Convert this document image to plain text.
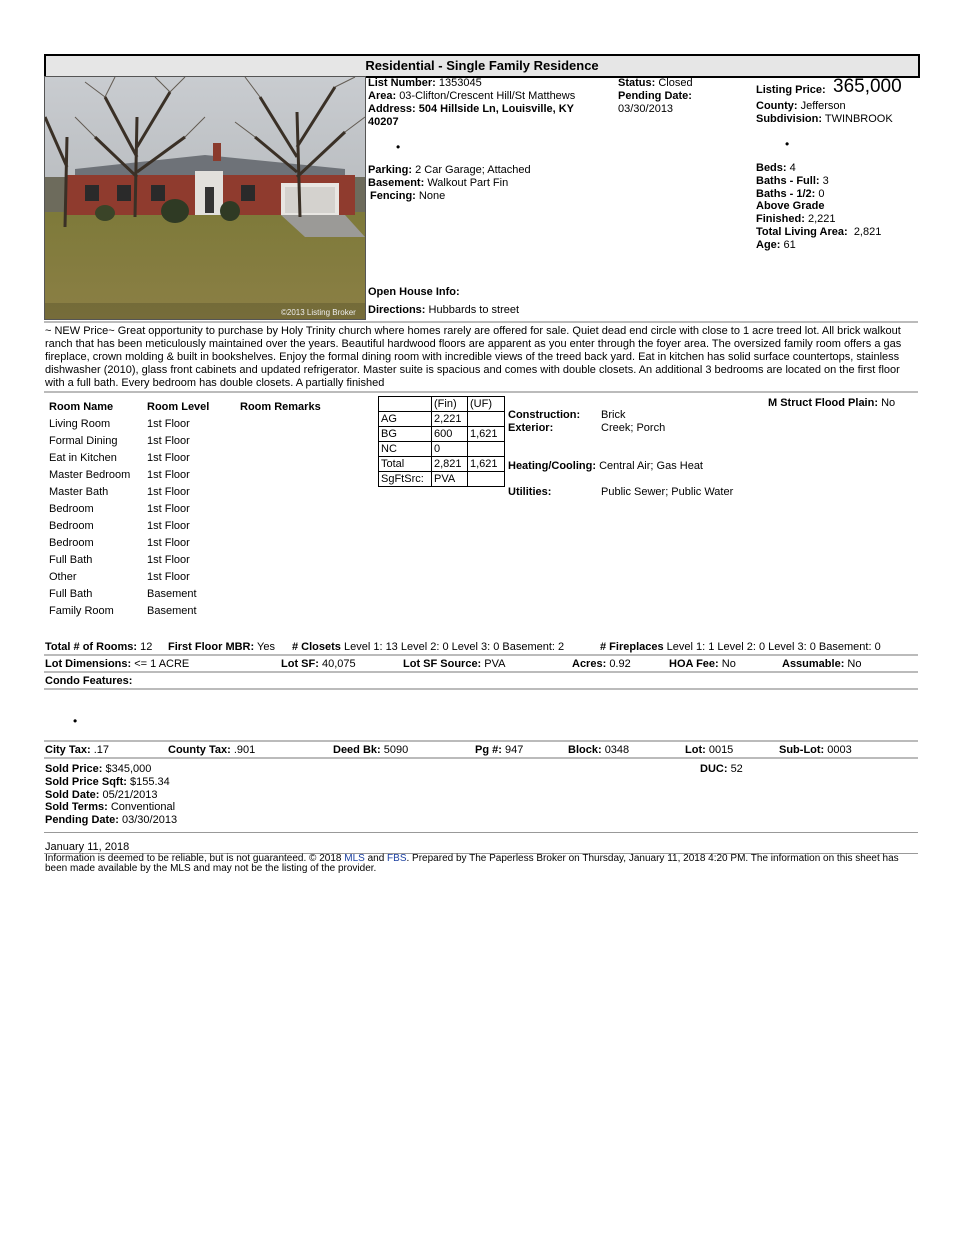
Residential - Single Family Residence
©2013 Listing Broker
List Number: 1353045
Area: 03-Clifton/Crescent Hill/St Matthews
Address: 504 Hillside Ln, Louisville, KY
40207
•
Parking: 2 Car Garage; Attached
Basement: Walkout Part Fin
Fencing: None
Open House Info:
Directions: Hubbards to street
Status: Closed
Pending Date:
03/30/2013
Listing Price: 365,000
County: Jefferson
Subdivision: TWINBROOK
•
Beds: 4
Baths - Full: 3
Baths - 1/2: 0
Above Grade
Finished: 2,221
Total Living Area: 2,821
Age: 61
~ NEW Price~ Great opportunity to purchase by Holy Trinity church where homes rarely are offered for sale. Quiet dead end circle with close to 1 acre treed lot. All brick walkout ranch that has been meticulously maintained over the years. Beautiful hardwood floors are apparent as you enter through the foyer area. The oversized family room offers a gas fireplace, crown molding & built in bookshelves. Enjoy the formal dining room with incredible views of the treed back yard. Eat in kitchen has solid surface countertops, stainless dishwasher (2010), glass front cabinets and updated refrigerator. Master suite is spacious and comes with double closets. An additional 3 bedrooms are located on the first floor with a full bath. Every bedroom has double closets. A partially finished
Room Name	Room Level	Room Remarks
Living Room	1st Floor
Formal Dining	1st Floor
Eat in Kitchen	1st Floor
Master Bedroom	1st Floor
Master Bath	1st Floor
Bedroom	1st Floor
Bedroom	1st Floor
Bedroom	1st Floor
Full Bath	1st Floor
Other	1st Floor
Full Bath	Basement
Family Room	Basement
	(Fin)	(UF)
AG	2,221	
BG	600	1,621
NC	0	
Total	2,821	1,621
SgFtSrc:	PVA	
Construction: Brick
Exterior:	Creek; Porch
Heating/Cooling: Central Air; Gas Heat
Utilities:	Public Sewer; Public Water
M Struct Flood Plain: No
Total # of Rooms: 12 First Floor MBR: Yes # Closets Level 1: 13 Level 2: 0 Level 3: 0 Basement: 2	# Fireplaces Level 1: 1 Level 2: 0 Level 3: 0 Basement: 0
Lot Dimensions: <= 1 ACRE	Lot SF: 40,075	Lot SF Source: PVA	Acres: 0.92	HOA Fee: No	Assumable: No
Condo Features:
•
City Tax: .17	County Tax: .901	Deed Bk: 5090	Pg #: 947	Block: 0348	Lot: 0015	Sub-Lot: 0003
Sold Price: $345,000
Sold Price Sqft: $155.34
Sold Date: 05/21/2013
Sold Terms: Conventional
Pending Date: 03/30/2013
DUC: 52
January 11, 2018
Information is deemed to be reliable, but is not guaranteed. © 2018 MLS and FBS. Prepared by The Paperless Broker on Thursday, January 11, 2018 4:20 PM. The information on this sheet has been made available by the MLS and may not be the listing of the provider.
